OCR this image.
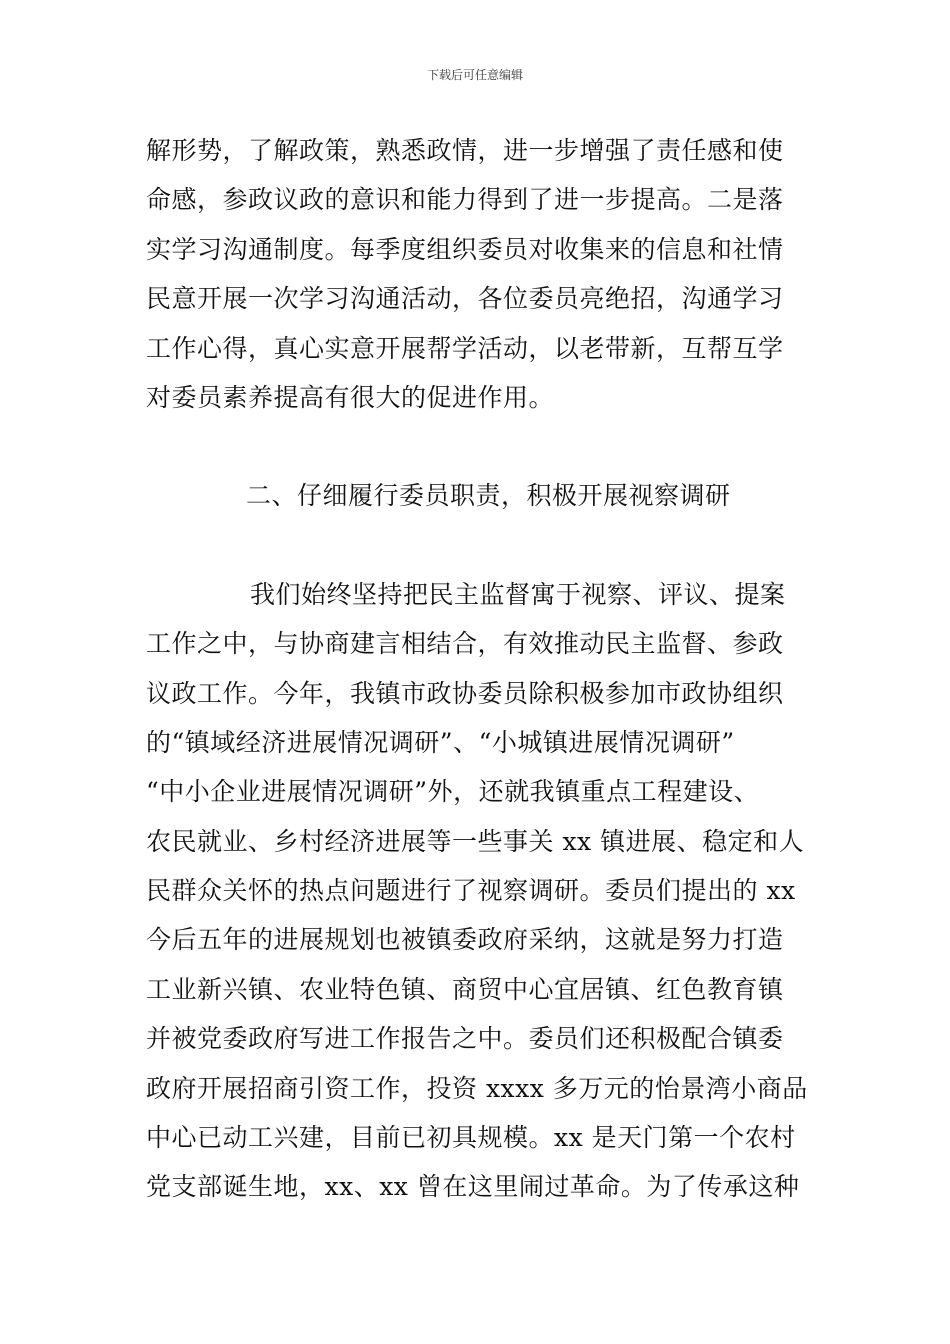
下载后可任意编辑
解形势，了解政策，熟悉政情，进一步增强了责任感和使
命感，参政议政的意识和能力得到了进一步提高。二是落
实学习沟通制度。每季度组织委员对收集来的信息和社情
民意开展一次学习沟通活动，各位委员亮绝招，沟通学习
工作心得，真心实意开展帮学活动，以老带新，互帮互学
对委员素养提高有很大的促进作用。
二、仔细履行委员职责，积极开展视察调研
我们始终坚持把民主监督寓于视察、评议、提案
工作之中，与协商建言相结合，有效推动民主监督、参政
议政工作。今年，我镇市政协委员除积极参加市政协组织
的“镇域经济进展情况调研”、“小城镇进展情况调研”
“中小企业进展情况调研”外，还就我镇重点工程建设、
农民就业、乡村经济进展等一些事关 xx 镇进展、稳定和人
民群众关怀的热点问题进行了视察调研。委员们提出的 xx
今后五年的进展规划也被镇委政府采纳，这就是努力打造
工业新兴镇、农业特色镇、商贸中心宜居镇、红色教育镇
并被党委政府写进工作报告之中。委员们还积极配合镇委
政府开展招商引资工作，投资 xxxx 多万元的怡景湾小商品
中心已动工兴建，目前已初具规模。xx 是天门第一个农村
党支部诞生地，xx、xx 曾在这里闹过革命。为了传承这种
